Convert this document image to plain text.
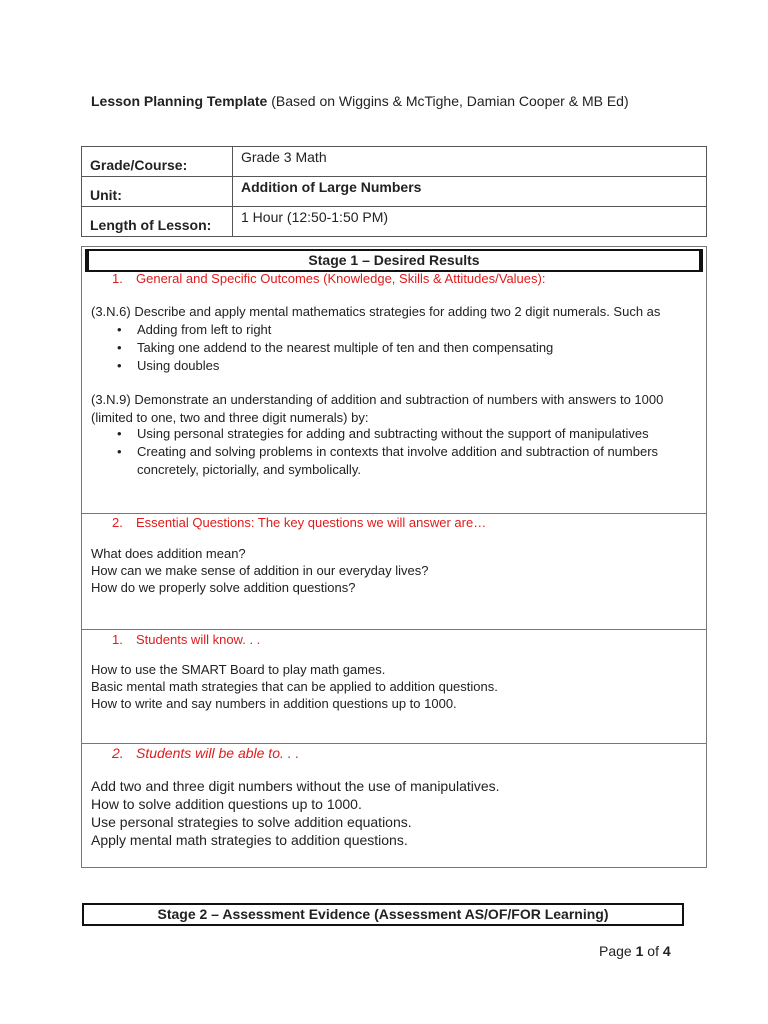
Lesson Planning Template (Based on Wiggins & McTighe, Damian Cooper & MB Ed)
Grade/Course:	Grade 3 Math
Unit:	Addition of Large Numbers
Length of Lesson:	1 Hour (12:50-1:50 PM)
Stage 1 – Desired Results
1. General and Specific Outcomes (Knowledge, Skills & Attitudes/Values):
(3.N.6) Describe and apply mental mathematics strategies for adding two 2 digit numerals. Such as
•	Adding from left to right
•	Taking one addend to the nearest multiple of ten and then compensating
•	Using doubles
(3.N.9) Demonstrate an understanding of addition and subtraction of numbers with answers to 1000 (limited to one, two and three digit numerals) by:
•	Using personal strategies for adding and subtracting without the support of manipulatives
•	Creating and solving problems in contexts that involve addition and subtraction of numbers concretely, pictorially, and symbolically.
2. Essential Questions: The key questions we will answer are…
What does addition mean?
How can we make sense of addition in our everyday lives?
How do we properly solve addition questions?
1. Students will know. . .
How to use the SMART Board to play math games.
Basic mental math strategies that can be applied to addition questions.
How to write and say numbers in addition questions up to 1000.
2. Students will be able to. . .
Add two and three digit numbers without the use of manipulatives.
How to solve addition questions up to 1000.
Use personal strategies to solve addition equations.
Apply mental math strategies to addition questions.
Stage 2 – Assessment Evidence (Assessment AS/OF/FOR Learning)
Page 1 of 4
